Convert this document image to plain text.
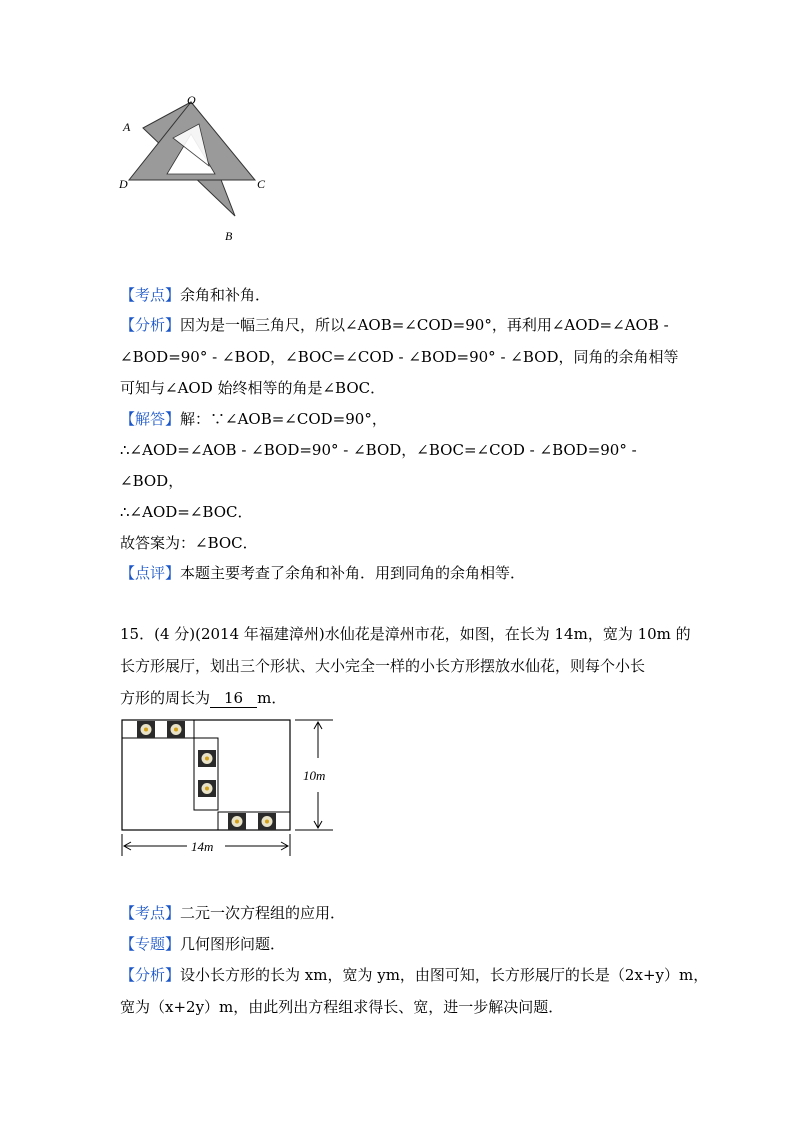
O
A
D	C
B
【考点】余角和补角．
【分析】因为是一幅三角尺，所以∠AOB=∠COD=90°，再利用∠AOD=∠AOB -
∠BOD=90° - ∠BOD，∠BOC=∠COD - ∠BOD=90° - ∠BOD，同角的余角相等
可知与∠AOD 始终相等的角是∠BOC．
【解答】解：∵∠AOB=∠COD=90°，
∴∠AOD=∠AOB - ∠BOD=90° - ∠BOD，∠BOC=∠COD - ∠BOD=90° -
∠BOD，
∴∠AOD=∠BOC．
故答案为：∠BOC．
【点评】本题主要考查了余角和补角．用到同角的余角相等．
15．(4 分)(2014 年福建漳州)水仙花是漳州市花，如图，在长为 14m，宽为 10m 的
长方形展厅，划出三个形状、大小完全一样的小长方形摆放水仙花，则每个小长
方形的周长为 16 m．
10m
14m
【考点】二元一次方程组的应用．
【专题】几何图形问题．
【分析】设小长方形的长为 xm，宽为 ym，由图可知，长方形展厅的长是（2x+y）m，
宽为（x+2y）m，由此列出方程组求得长、宽，进一步解决问题．
